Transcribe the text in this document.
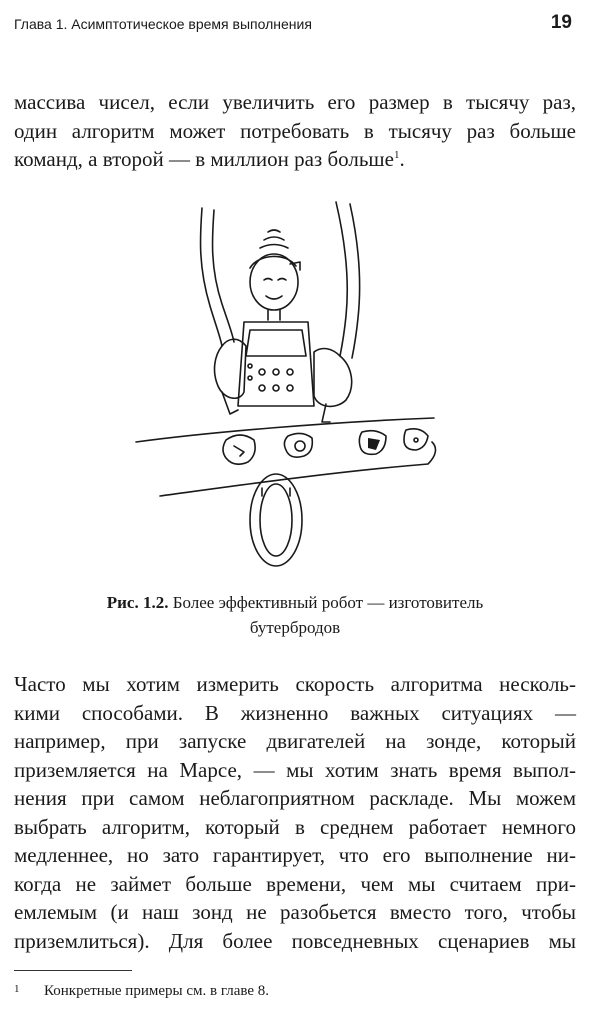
Глава 1. Асимптотическое время выполнения	19
массива чисел, если увеличить его размер в тысячу раз,
один алгоритм может потребовать в тысячу раз больше
команд, а второй — в миллион раз больше$^1$.
Рис. 1.2. Более эффективный робот — изготовитель
бутербродов
Часто мы хотим измерить скорость алгоритма несколь-
кими способами. В жизненно важных ситуациях —
например, при запуске двигателей на зонде, который
приземляется на Марсе, — мы хотим знать время выпол-
нения при самом неблагоприятном раскладе. Мы можем
выбрать алгоритм, который в среднем работает немного
медленнее, но зато гарантирует, что его выполнение ни-
когда не займет больше времени, чем мы считаем при-
емлемым (и наш зонд не разобьется вместо того, чтобы
приземлиться). Для более повседневных сценариев мы
1 Конкретные примеры см. в главе 8.
